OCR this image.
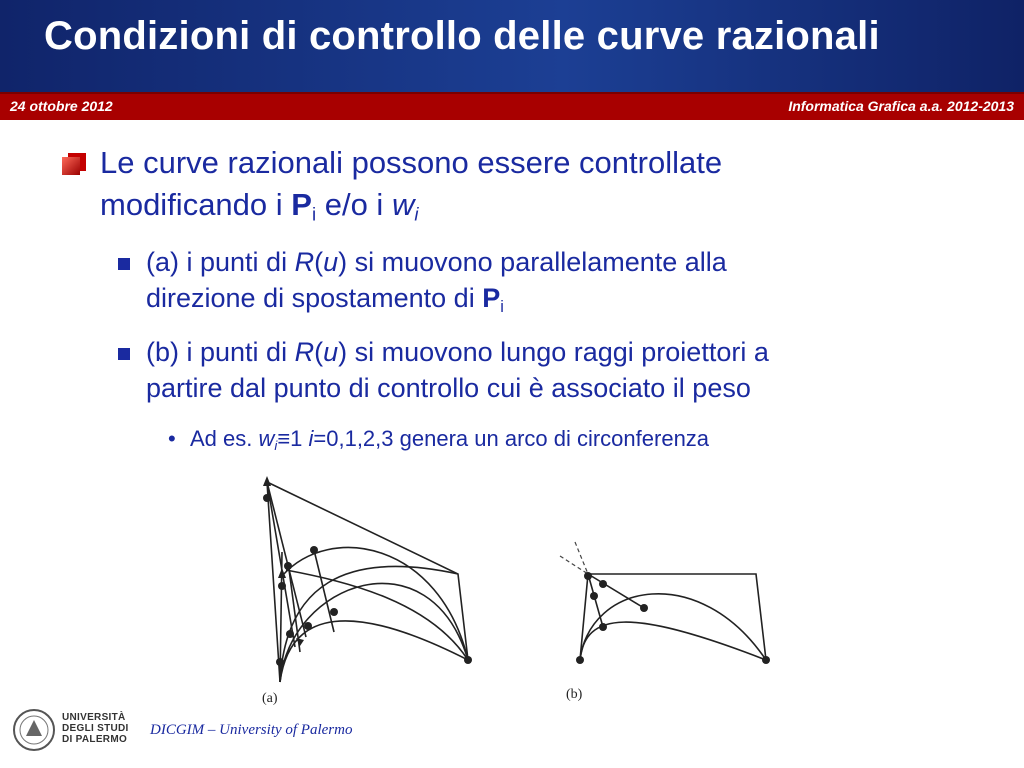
Condizioni di controllo delle curve razionali
24 ottobre 2012	Informatica Grafica a.a. 2012-2013
Le curve razionali possono essere controllate
modificando i $P_i$ e/o i $w_i$
(a) i punti di R(u) si muovono parallelamente alla
direzione di spostamento di $P_i$
(b) i punti di R(u) si muovono lungo raggi proiettori a
partire dal punto di controllo cui è associato il peso
• Ad es. $w_i\equiv 1$ i=0,1,2,3 genera un arco di circonferenza
(a)	(b)
UNIVERSITÀ
DEGLI STUDI
DI PALERMO
DICGIM – University of Palermo
